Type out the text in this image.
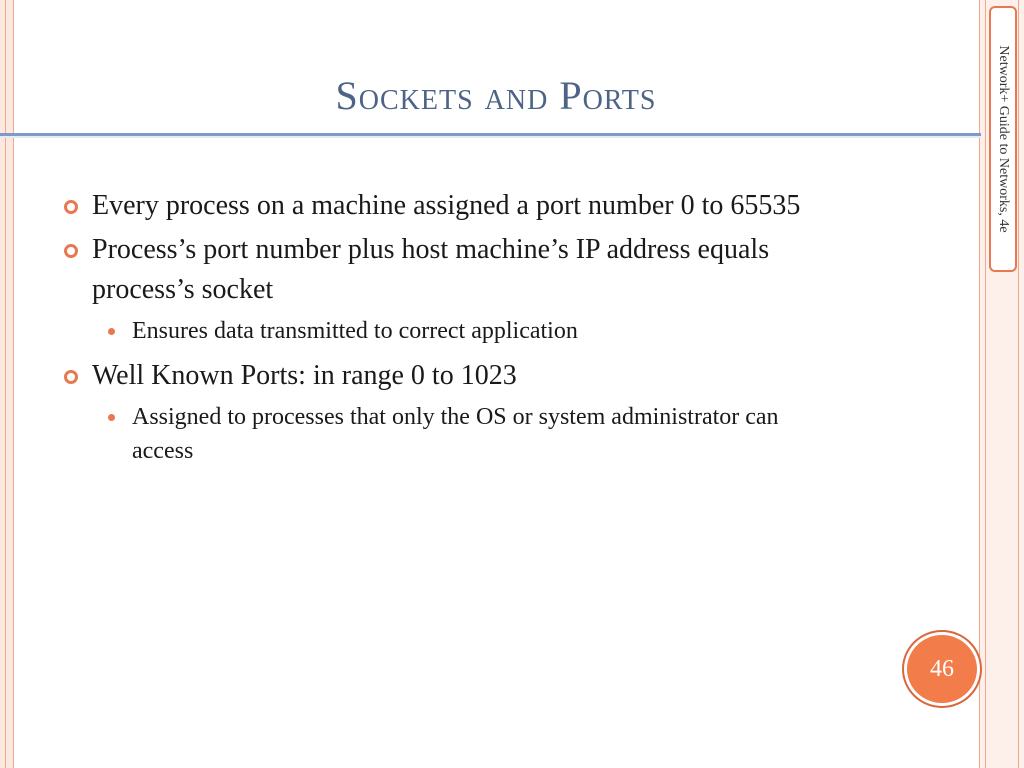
Network+ Guide to Networks, 4e
Sockets and Ports
Every process on a machine assigned a port number 0 to 65535
Process’s port number plus host machine’s IP address equals process’s socket
Ensures data transmitted to correct application
Well Known Ports: in range 0 to 1023
Assigned to processes that only the OS or system administrator can access
46
